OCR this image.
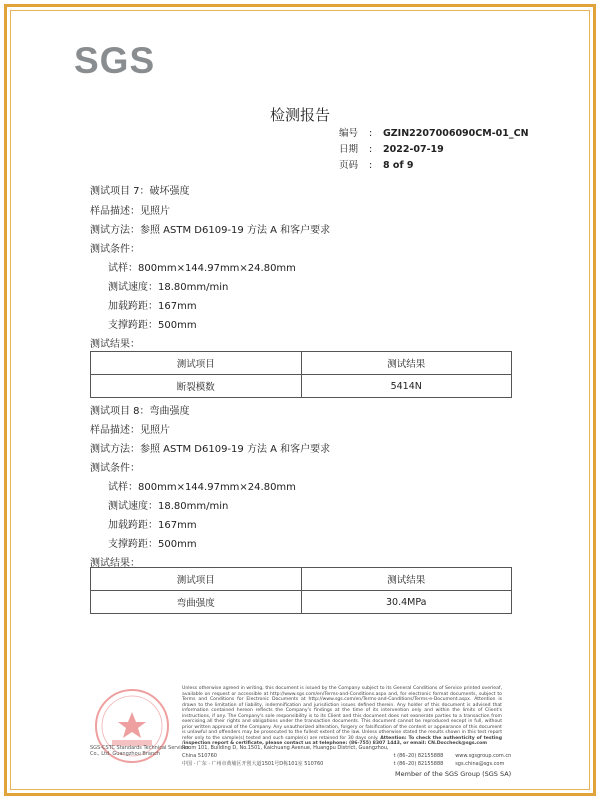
SGS
检测报告
编号	:	GZIN2207006090CM-01_CN
日期	:	2022-07-19
页码	:	8 of 9
测试项目 7：破坏强度
样品描述：见照片
测试方法：参照 ASTM D6109-19 方法 A 和客户要求
测试条件：
试样：800mm×144.97mm×24.80mm
测试速度：18.80mm/min
加载跨距：167mm
支撑跨距：500mm
测试结果：
测试项目	测试结果
断裂模数	5414N
测试项目 8：弯曲强度
样品描述：见照片
测试方法：参照 ASTM D6109-19 方法 A 和客户要求
测试条件：
试样：800mm×144.97mm×24.80mm
测试速度：18.80mm/min
加载跨距：167mm
支撑跨距：500mm
测试结果：
测试项目	测试结果
弯曲强度	30.4MPa
SGS-CSTC Standards Technical Services Co., Ltd. Guangzhou Branch
Unless otherwise agreed in writing, this document is issued by the Company subject to its General Conditions of Service printed overleaf, available on request or accessible at http://www.sgs.com/en/Terms-and-Conditions.aspx and, for electronic format documents, subject to Terms and Conditions for Electronic Documents at http://www.sgs.com/en/Terms-and-Conditions/Terms-e-Document.aspx. Attention is drawn to the limitation of liability, indemnification and jurisdiction issues defined therein. Any holder of this document is advised that information contained hereon reflects the Company's findings at the time of its intervention only and within the limits of Client's instructions, if any. The Company's sole responsibility is to its Client and this document does not exonerate parties to a transaction from exercising all their rights and obligations under the transaction documents. This document cannot be reproduced except in full, without prior written approval of the Company. Any unauthorized alteration, forgery or falsification of the content or appearance of this document is unlawful and offenders may be prosecuted to the fullest extent of the law. Unless otherwise stated the results shown in this test report refer only to the sample(s) tested and such sample(s) are retained for 30 days only. Attention: To check the authenticity of testing /inspection report & certificate, please contact us at telephone: (86-755) 8307 1443, or email: CN.Doccheck@sgs.com
Room 101, Building D, No.1501, Kaichuang Avenue, Huangpu District, Guangzhou, China 510760	t (86–20) 82155888 www.sgsgroup.com.cn
中国 · 广东 · 广州市黄埔区开创大道1501号D栋101室 510760	t (86–20) 82155888 sgs.china@sgs.com
Member of the SGS Group (SGS SA)
